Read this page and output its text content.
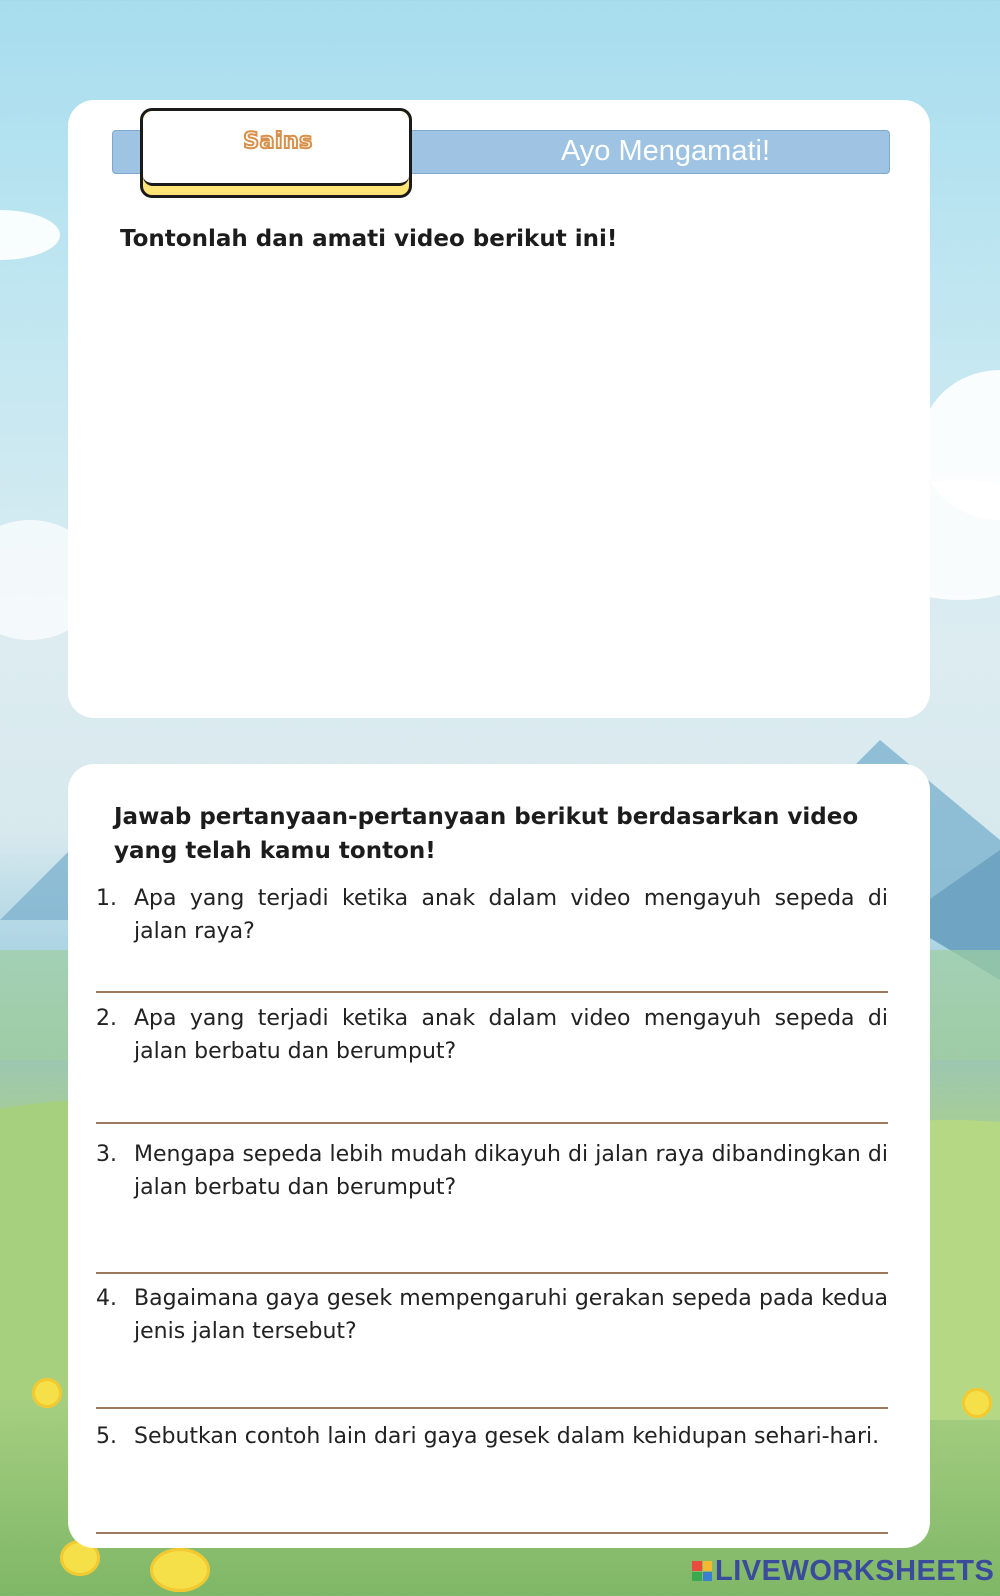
Ayo Mengamati!
Sains
Tontonlah dan amati video berikut ini!
Jawab pertanyaan-pertanyaan berikut berdasarkan video yang telah kamu tonton!
1. Apa yang terjadi ketika anak dalam video mengayuh sepeda di jalan raya?
2. Apa yang terjadi ketika anak dalam video mengayuh sepeda di jalan berbatu dan berumput?
3. Mengapa sepeda lebih mudah dikayuh di jalan raya dibandingkan di jalan berbatu dan berumput?
4. Bagaimana gaya gesek mempengaruhi gerakan sepeda pada kedua jenis jalan tersebut?
5. Sebutkan contoh lain dari gaya gesek dalam kehidupan sehari-hari.
LIVEWORKSHEETS
